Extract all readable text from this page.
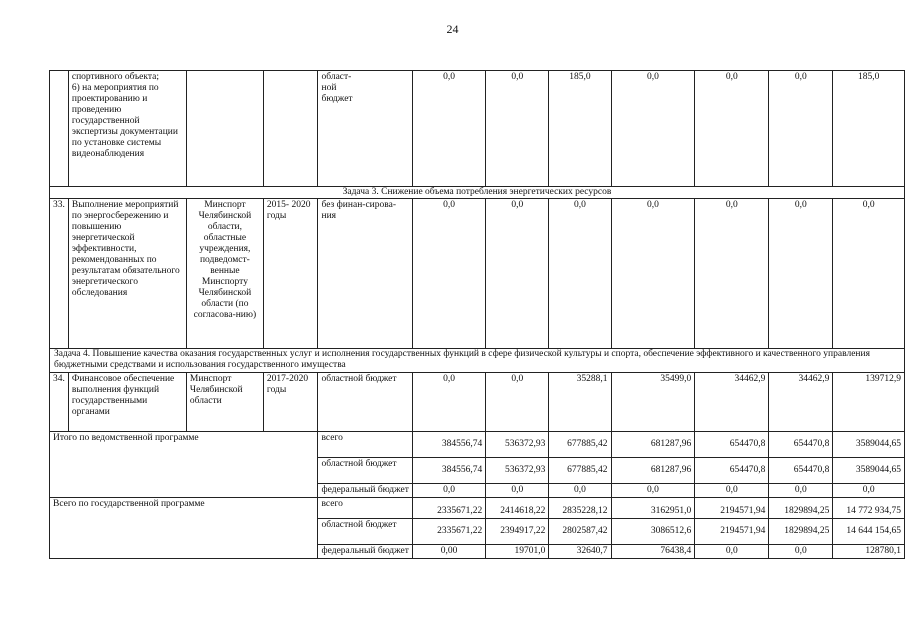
24
	спортивного объекта;
6) на мероприятия по проектированию и проведению государственной экспертизы документации по установке системы видеонаблюдения			област-
ной
бюджет	0,0	0,0	185,0	0,0	0,0	0,0	185,0
Задача 3. Снижение объема потребления энергетических ресурсов											
33.	Выполнение мероприятий по энергосбережению и повышению энергетической эффективности, рекомендованных по результатам обязательного энергетического обследования	Минспорт Челябинской области, областные учреждения, подведомст-венные Минспорту Челябинской области (по согласова-нию)	2015- 2020 годы	без финан-сирова-ния	0,0	0,0	0,0	0,0	0,0	0,0	0,0
Задача 4. Повышение качества оказания государственных услуг и исполнения государственных функций в сфере физической культуры и спорта, обеспечение эффективного и качественного управления бюджетными средствами и использования государственного имущества											
34.	Финансовое обеспечение выполнения функций государственными органами	Минспорт Челябинской области	2017-2020 годы	областной бюджет	0,0	0,0	35288,1	35499,0	34462,9	34462,9	139712,9
Итого по ведомственной программе				всего	384556,74	536372,93	677885,42	681287,96	654470,8	654470,8	3589044,65
				областной бюджет	384556,74	536372,93	677885,42	681287,96	654470,8	654470,8	3589044,65
				федеральный бюджет	0,0	0,0	0,0	0,0	0,0	0,0	0,0
Всего по государственной программе				всего	2335671,22	2414618,22	2835228,12	3162951,0	2194571,94	1829894,25	14 772 934,75
				областной бюджет	2335671,22	2394917,22	2802587,42	3086512,6	2194571,94	1829894,25	14 644 154,65
				федеральный бюджет	0,00	19701,0	32640,7	76438,4	0,0	0,0	128780,1
